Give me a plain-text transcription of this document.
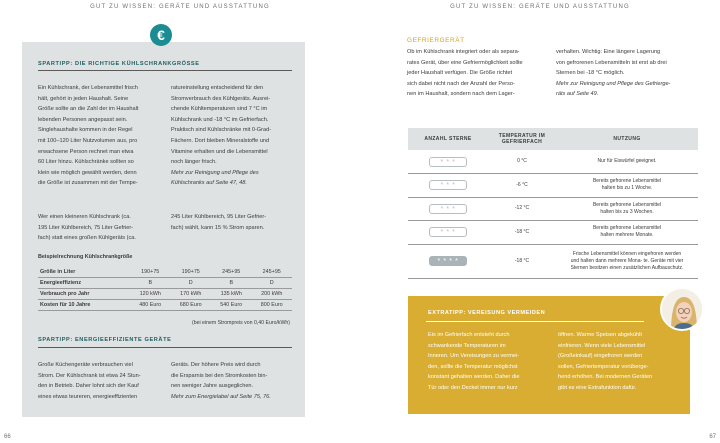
GUT ZU WISSEN: GERÄTE UND AUSSTATTUNG
€
SPARTIPP: DIE RICHTIGE KÜHLSCHRANKGRÖSSE
Ein Kühlschrank, der Lebensmittel frisch
hält, gehört in jeden Haushalt. Seine
Größe sollte an die Zahl der im Haushalt
lebenden Personen angepasst sein.
Singlehaushalte kommen in der Regel
mit 100–120 Liter Nutzvolumen aus, pro
erwachsene Person rechnet man etwa
60 Liter hinzu. Kühlschränke sollten so
klein wie möglich gewählt werden, denn
die Größe ist zusammen mit der Tempe-
ratureinstellung entscheidend für den
Stromverbrauch des Kühlgeräts. Ausrei-
chende Kühltemperaturen sind 7 °C im
Kühlschrank und -18 °C im Gefrierfach.
Praktisch sind Kühlschränke mit 0-Grad-
Fächern. Dort bleiben Mineralstoffe und
Vitamine erhalten und die Lebensmittel
noch länger frisch.
Mehr zur Reinigung und Pflege des
Kühlschranks auf Seite 47, 48.
Wer einen kleineren Kühlschrank (ca.
195 Liter Kühlbereich, 75 Liter Gefrier-
fach) statt eines großen Kühlgeräts (ca.
245 Liter Kühlbereich, 95 Liter Gefrier-
fach) wählt, kann 15 % Strom sparen.
Beispielrechnung Kühlschrankgröße
Größe in Liter	190+75	190+75	245+95	245+95
Energieeffizienz	B	D	B	D
Verbrauch pro Jahr	120 kWh	170 kWh	135 kWh	200 kWh
Kosten für 10 Jahre	480 Euro	680 Euro	540 Euro	800 Euro
(bei einem Strompreis von 0,40 Euro/kWh)
SPARTIPP: ENERGIEEFFIZIENTE GERÄTE
Große Küchengeräte verbrauchen viel
Strom. Der Kühlschrank ist etwa 24 Stun-
den in Betrieb. Daher lohnt sich der Kauf
eines etwas teureren, energieeffizienten
Geräts. Der höhere Preis wird durch
die Ersparnis bei den Stromkosten bin-
nen weniger Jahre ausgeglichen.
Mehr zum Energielabel auf Seite 75, 76.
66
GUT ZU WISSEN: GERÄTE UND AUSSTATTUNG
GEFRIERGERÄT
Ob im Kühlschrank integriert oder als separa-
rates Gerät, über eine Gefriermöglichkeit sollte
jeder Haushalt verfügen. Die Größe richtet
sich dabei nicht nach der Anzahl der Perso-
nen im Haushalt, sondern nach dem Lager-
verhalten. Wichtig: Eine längere Lagerung
von gefrorenen Lebensmitteln ist erst ab drei
Sternen bei -18 °C möglich.
Mehr zur Reinigung und Pflege des Gefrierge-
räts auf Seite 49.
ANZAHL STERNE	TEMPERATUR IM GEFRIERFACH	NUTZUNG
* * *	0 °C	Nur für Eiswürfel geeignet.
* * *	-6 °C	Bereits gefrorene Lebensmittel halten bis zu 1 Woche.
* * *	-12 °C	Bereits gefrorene Lebensmittel halten bis zu 3 Wochen.
* * *	-18 °C	Bereits gefrorene Lebensmittel halten mehrere Monate.
* * * *	-18 °C	Frische Lebensmittel können eingefroren werden und halten dann mehrere Mona- te. Geräte mit vier Sternen besitzen einen zusätzlichen Aufbauschutz.
EXTRATIPP: VEREISUNG VERMEIDEN
Eis im Gefrierfach entsteht durch
schwankende Temperaturen im
Inneren. Um Vereisungen zu vermei-
den, sollte die Temperatur möglichst
konstant gehalten werden. Daher die
Tür oder den Deckel immer nur kurz
öffnen. Warme Speisen abgekühlt
einfrieren. Wenn viele Lebensmittel
(Großeinkauf) eingefroren werden
sollen, Gefriertemperatur vorüberge-
hend erhöhen. Bei modernen Geräten
gibt es eine Extrafunktion dafür.
67
